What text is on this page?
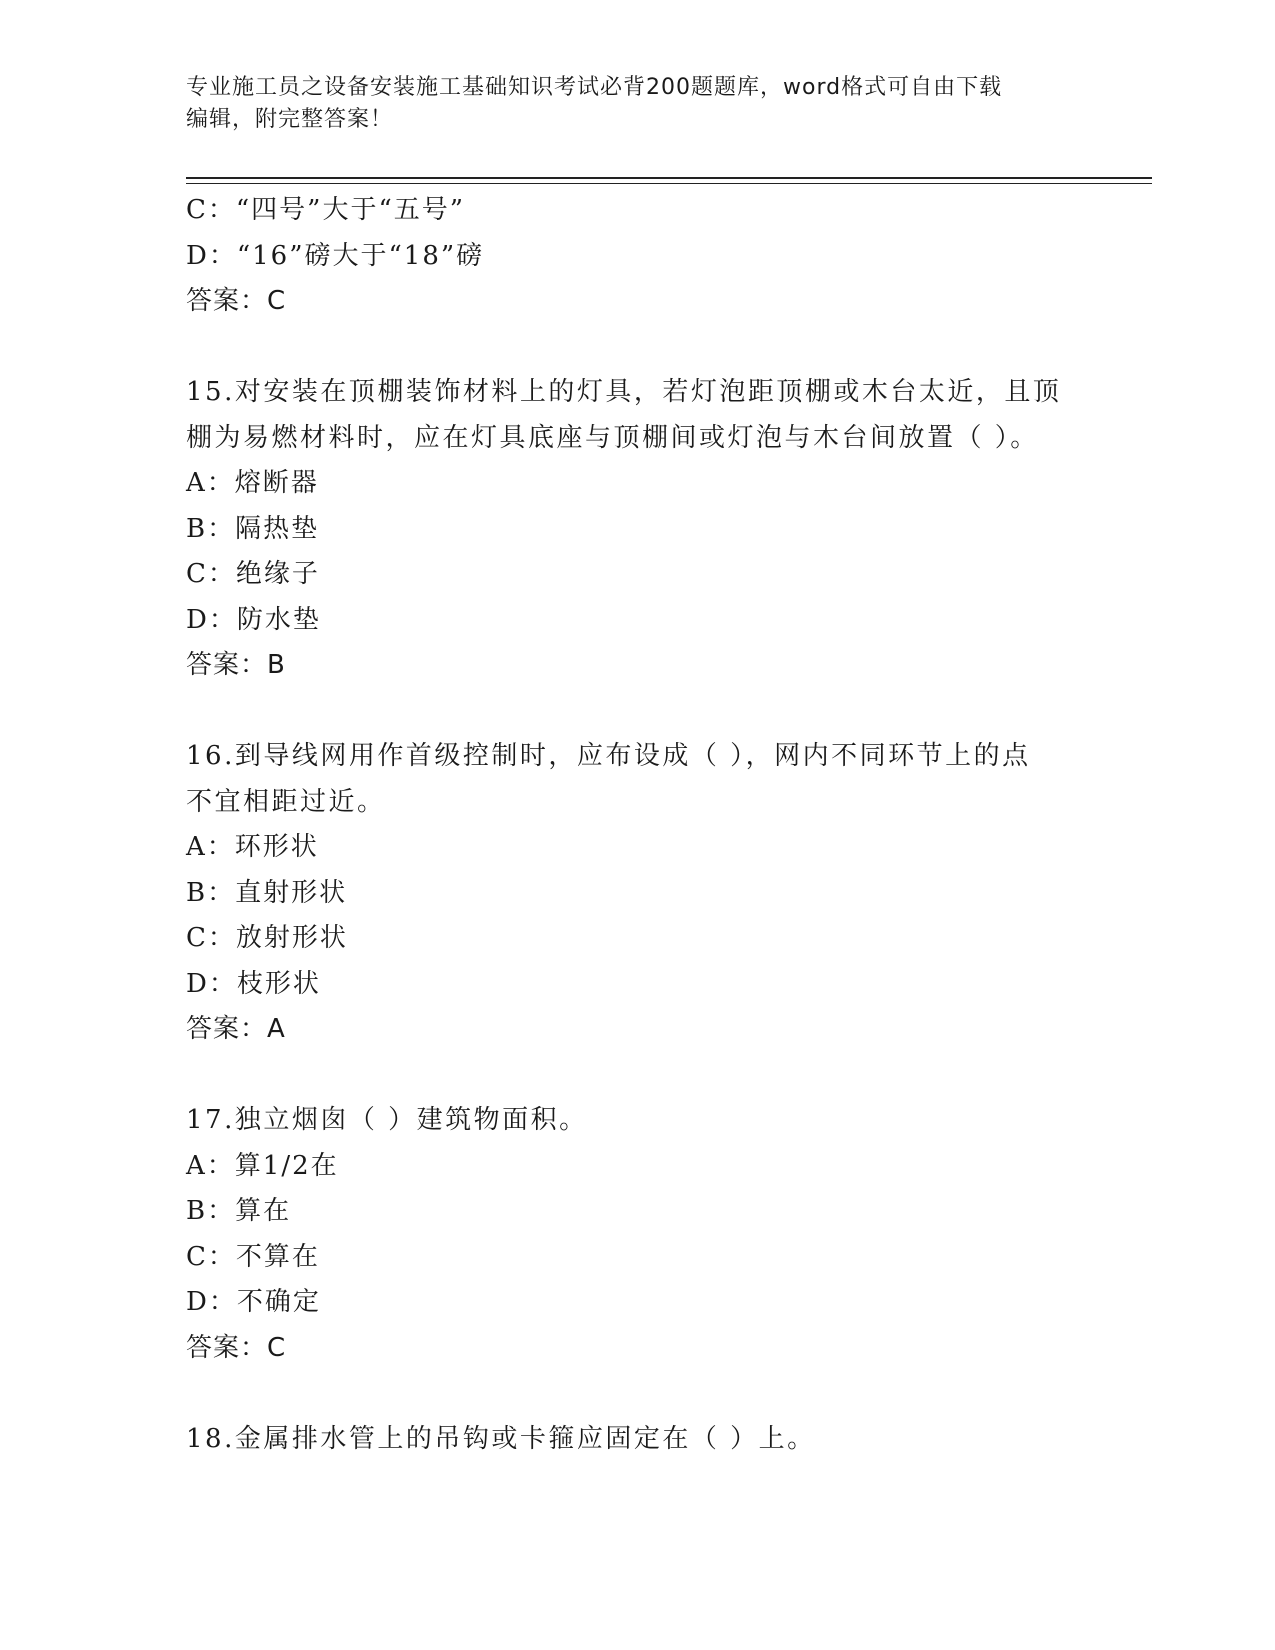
专业施工员之设备安装施工基础知识考试必背200题题库，word格式可自由下载
编辑，附完整答案！
C：“四号”大于“五号”
D：“16”磅大于“18”磅
答案：C
15.对安装在顶棚装饰材料上的灯具，若灯泡距顶棚或木台太近，且顶
棚为易燃材料时，应在灯具底座与顶棚间或灯泡与木台间放置（ ）。
A：熔断器
B：隔热垫
C：绝缘子
D：防水垫
答案：B
16.到导线网用作首级控制时，应布设成（ ），网内不同环节上的点
不宜相距过近。
A：环形状
B：直射形状
C：放射形状
D：枝形状
答案：A
17.独立烟囱（ ）建筑物面积。
A：算1/2在
B：算在
C：不算在
D：不确定
答案：C
18.金属排水管上的吊钩或卡箍应固定在（ ）上。
